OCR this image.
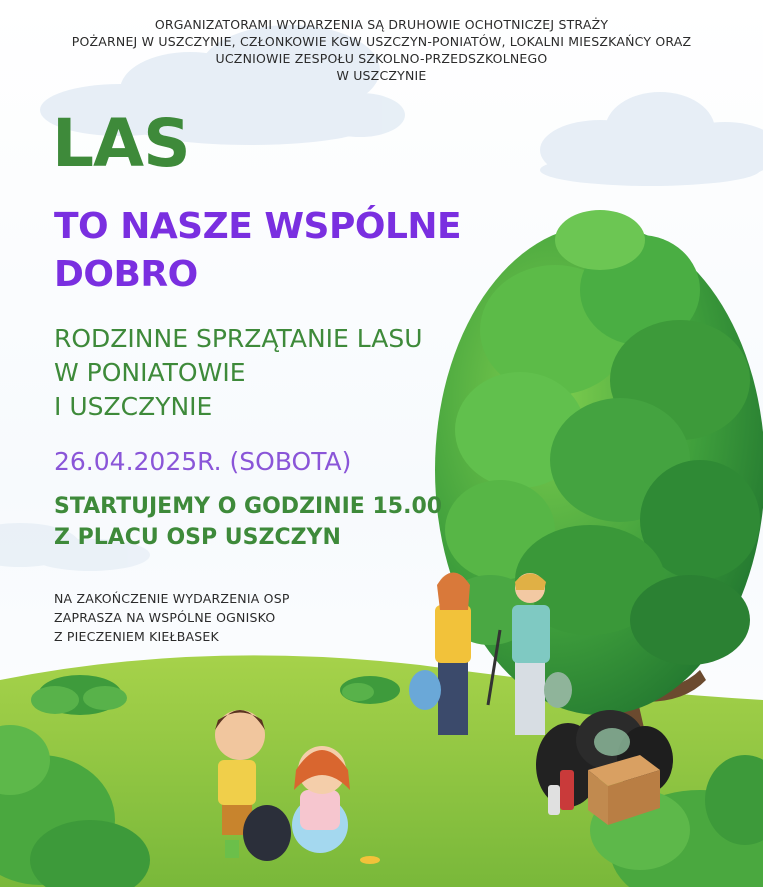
ORGANIZATORAMI WYDARZENIA SĄ DRUHOWIE OCHOTNICZEJ STRAŻY
POŻARNEJ W USZCZYNIE, CZŁONKOWIE KGW USZCZYN-PONIATÓW, LOKALNI MIESZKAŃCY ORAZ
UCZNIOWIE ZESPOŁU SZKOLNO-PRZEDSZKOLNEGO
W USZCZYNIE
LAS
TO NASZE WSPÓLNE
DOBRO
RODZINNE SPRZĄTANIE LASU
W PONIATOWIE
I USZCZYNIE
26.04.2025R. (SOBOTA)
STARTUJEMY O GODZINIE 15.00
Z PLACU OSP USZCZYN
NA ZAKOŃCZENIE WYDARZENIA OSP
ZAPRASZA NA WSPÓLNE OGNISKO
Z PIECZENIEM KIEŁBASEK
